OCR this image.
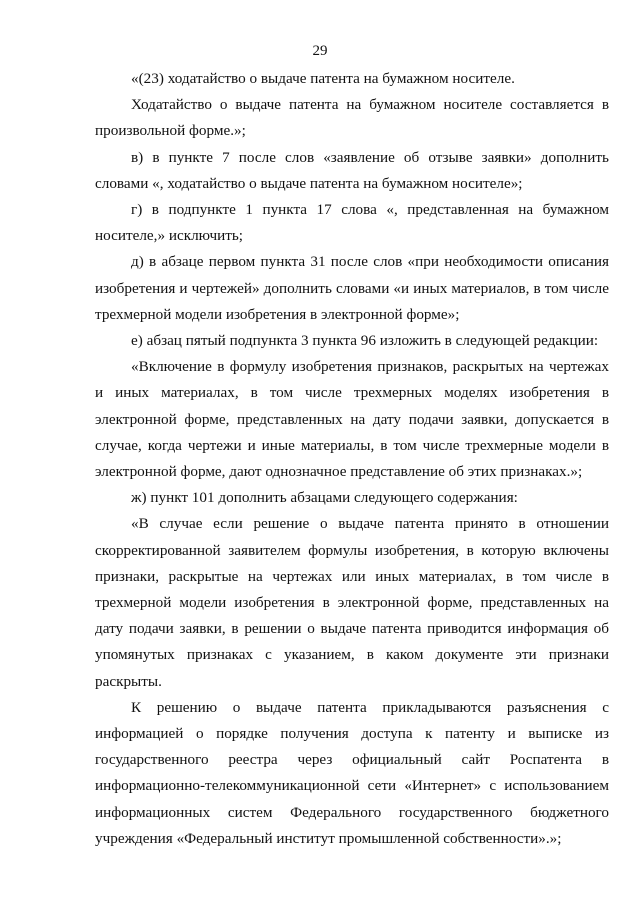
29

«(23) ходатайство о выдаче патента на бумажном носителе.

Ходатайство о выдаче патента на бумажном носителе составляется в произвольной форме.»;

в) в пункте 7 после слов «заявление об отзыве заявки» дополнить словами «, ходатайство о выдаче патента на бумажном носителе»;

г) в подпункте 1 пункта 17 слова «, представленная на бумажном носителе,» исключить;

д) в абзаце первом пункта 31 после слов «при необходимости описания изобретения и чертежей» дополнить словами «и иных материалов, в том числе трехмерной модели изобретения в электронной форме»;

е) абзац пятый подпункта 3 пункта 96 изложить в следующей редакции:

«Включение в формулу изобретения признаков, раскрытых на чертежах и иных материалах, в том числе трехмерных моделях изобретения в электронной форме, представленных на дату подачи заявки, допускается в случае, когда чертежи и иные материалы, в том числе трехмерные модели в электронной форме, дают однозначное представление об этих признаках.»;

ж) пункт 101 дополнить абзацами следующего содержания:

«В случае если решение о выдаче патента принято в отношении скорректированной заявителем формулы изобретения, в которую включены признаки, раскрытые на чертежах или иных материалах, в том числе в трехмерной модели изобретения в электронной форме, представленных на дату подачи заявки, в решении о выдаче патента приводится информация об упомянутых признаках с указанием, в каком документе эти признаки раскрыты.

К решению о выдаче патента прикладываются разъяснения с информацией о порядке получения доступа к патенту и выписке из государственного реестра через официальный сайт Роспатента в информационно-телекоммуникационной сети «Интернет» с использованием информационных систем Федерального государственного бюджетного учреждения «Федеральный институт промышленной собственности».»;
